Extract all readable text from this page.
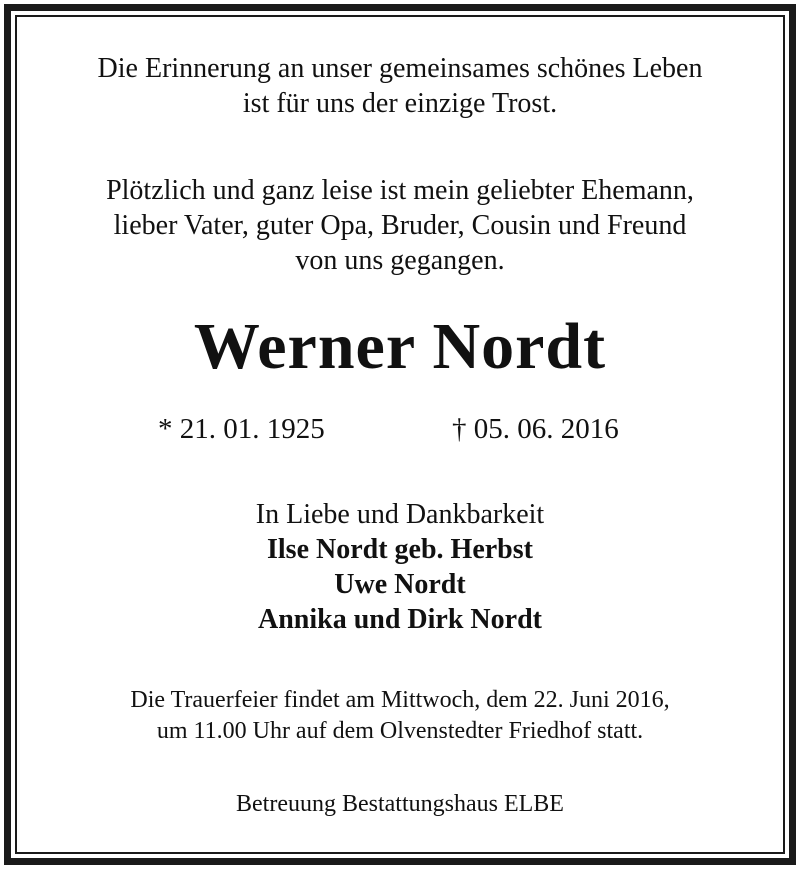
Die Erinnerung an unser gemeinsames schönes Leben
ist für uns der einzige Trost.
Plötzlich und ganz leise ist mein geliebter Ehemann,
lieber Vater, guter Opa, Bruder, Cousin und Freund
von uns gegangen.
Werner Nordt
* 21. 01. 1925	† 05. 06. 2016
In Liebe und Dankbarkeit
Ilse Nordt geb. Herbst
Uwe Nordt
Annika und Dirk Nordt
Die Trauerfeier findet am Mittwoch, dem 22. Juni 2016,
um 11.00 Uhr auf dem Olvenstedter Friedhof statt.
Betreuung Bestattungshaus ELBE
